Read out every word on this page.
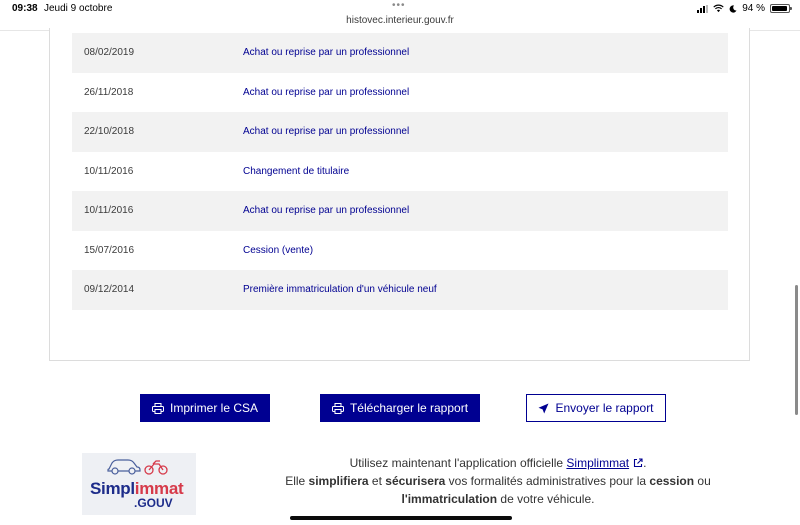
09:38 Jeudi 9 octobre	•••
histovec.interieur.gouv.fr
94 %
08/02/2019	Achat ou reprise par un professionnel
26/11/2018	Achat ou reprise par un professionnel
22/10/2018	Achat ou reprise par un professionnel
10/11/2016	Changement de titulaire
10/11/2016	Achat ou reprise par un professionnel
15/07/2016	Cession (vente)
09/12/2014	Première immatriculation d'un véhicule neuf
Imprimer le CSA	Télécharger le rapport	Envoyer le rapport
Simplimmat
.GOUV
Utilisez maintenant l'application officielle Simplimmat .
Elle simplifiera et sécurisera vos formalités administratives pour la cession ou
l'immatriculation de votre véhicule.
